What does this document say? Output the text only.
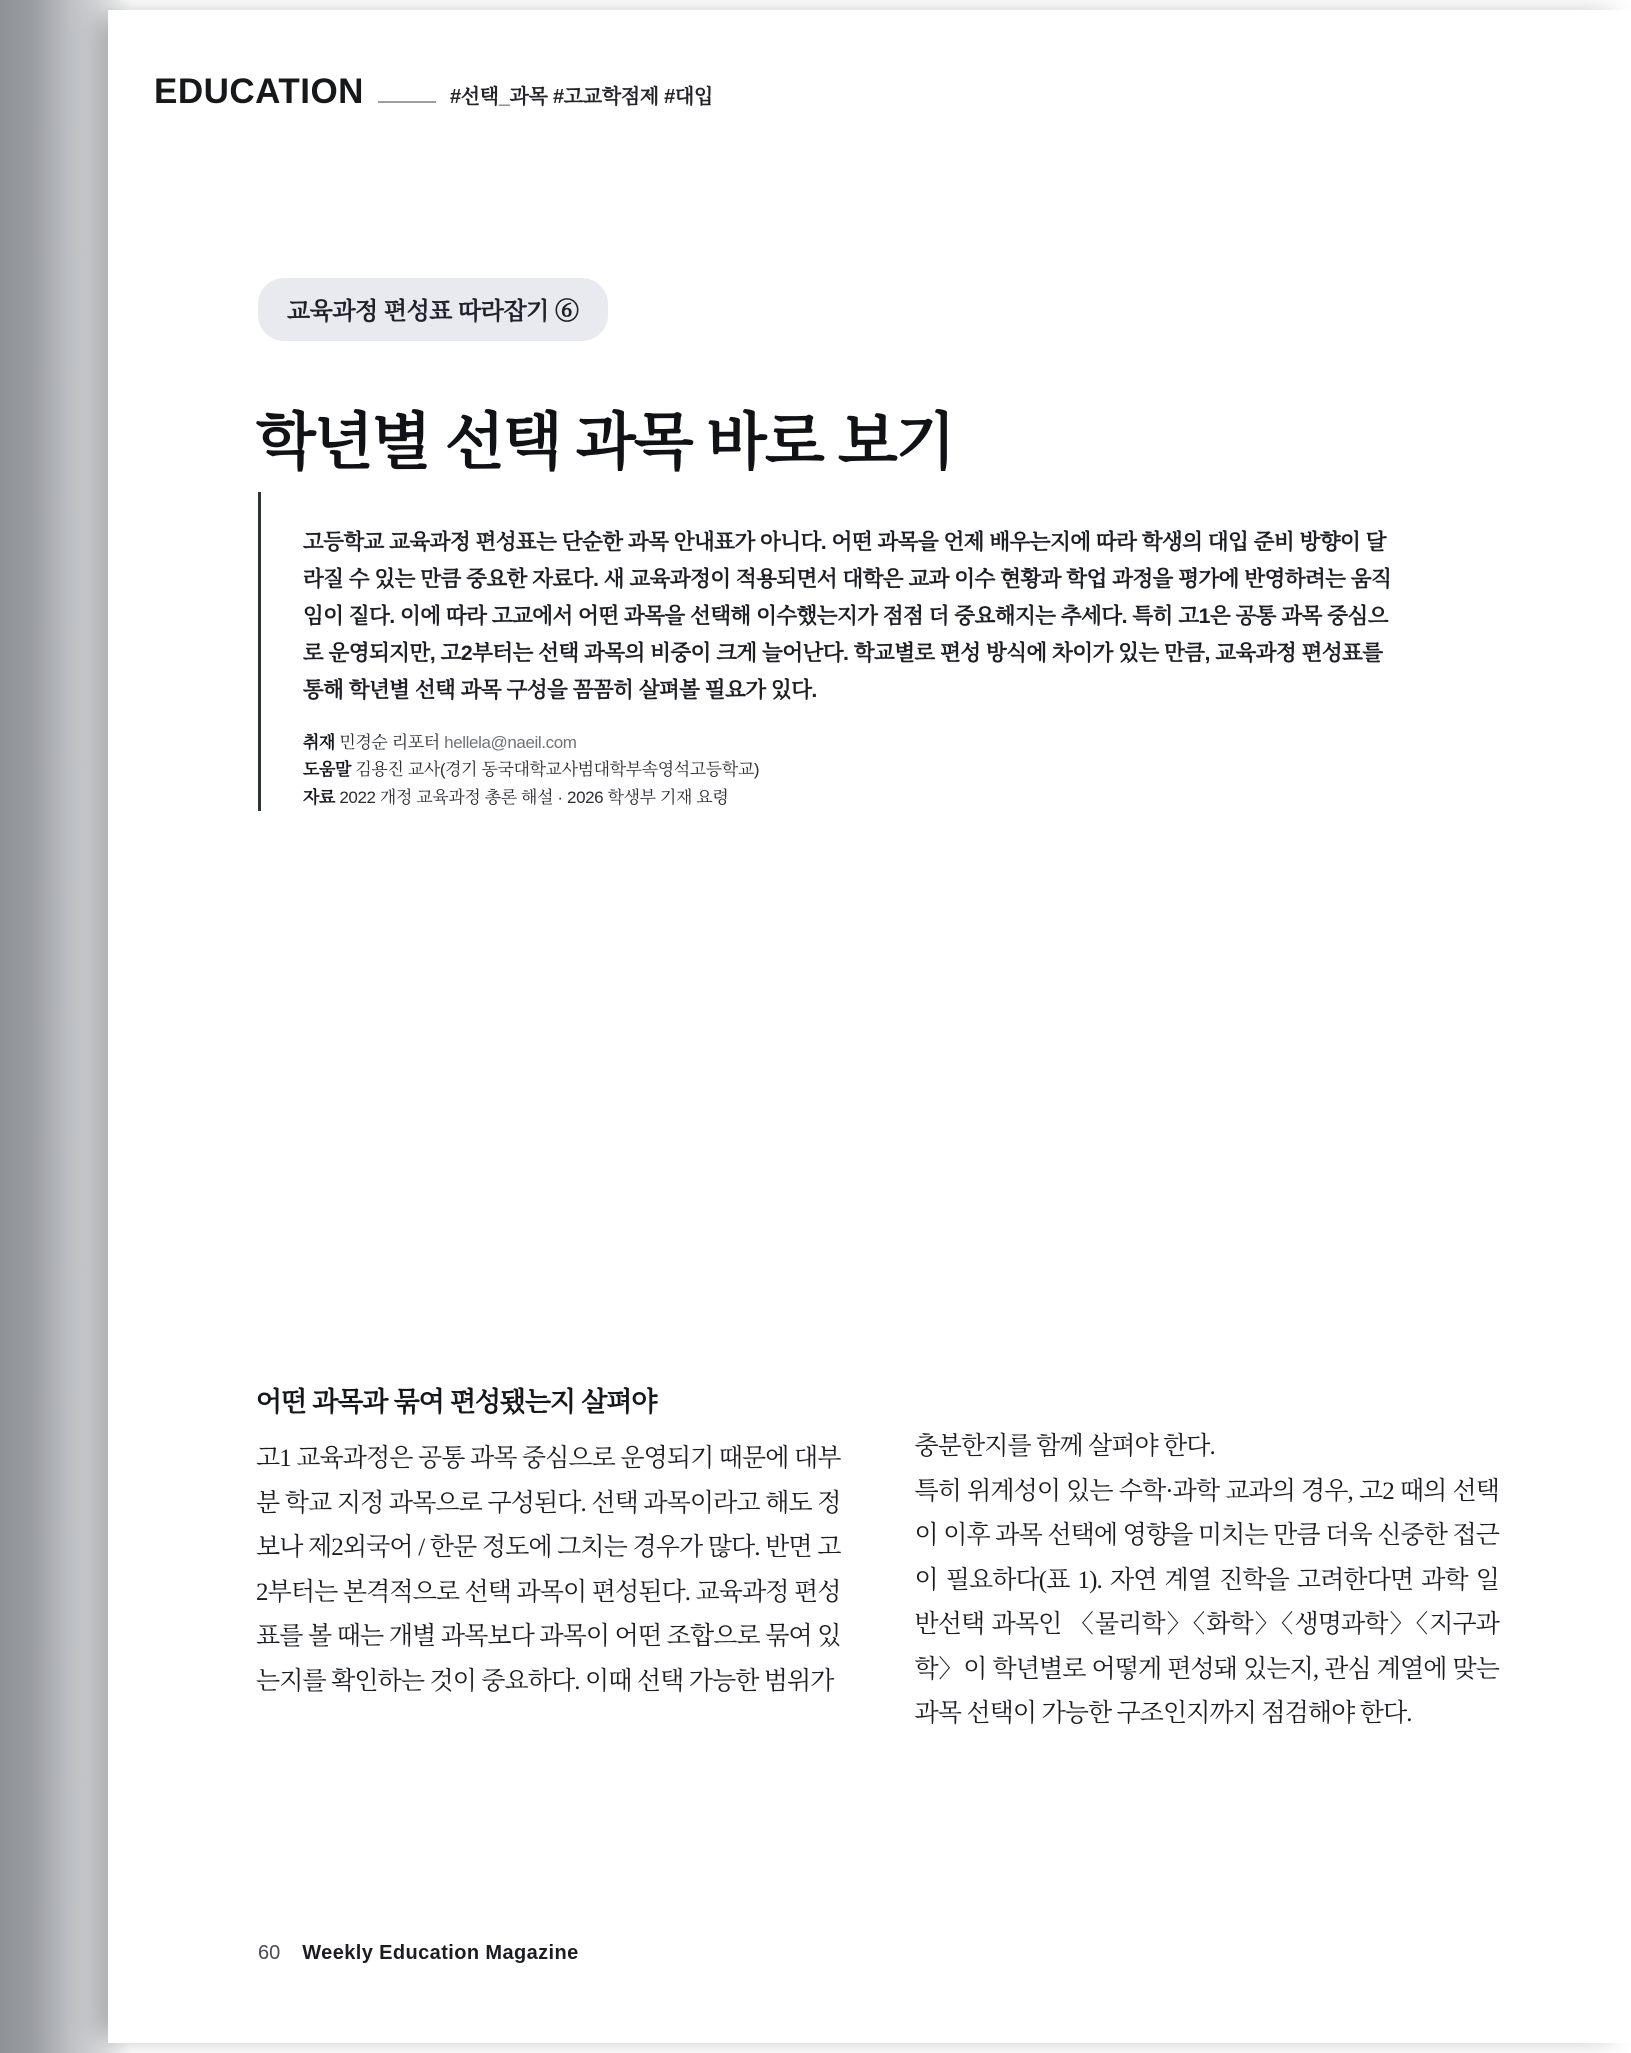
EDUCATION	#선택_과목 #고교학점제 #대입
교육과정 편성표 따라잡기 ⑥
학년별 선택 과목 바로 보기

고등학교 교육과정 편성표는 단순한 과목 안내표가 아니다. 어떤 과목을 언제 배우는지에 따라 학생의 대입 준비 방향이 달라질 수 있는 만큼 중요한 자료다. 새 교육과정이 적용되면서 대학은 교과 이수 현황과 학업 과정을 평가에 반영하려는 움직임이 짙다. 이에 따라 고교에서 어떤 과목을 선택해 이수했는지가 점점 더 중요해지는 추세다. 특히 고1은 공통 과목 중심으로 운영되지만, 고2부터는 선택 과목의 비중이 크게 늘어난다. 학교별로 편성 방식에 차이가 있는 만큼, 교육과정 편성표를 통해 학년별 선택 과목 구성을 꼼꼼히 살펴볼 필요가 있다.

취재 민경순 리포터 hellela@naeil.com
도움말 김용진 교사(경기 동국대학교사범대학부속영석고등학교)
자료 2022 개정 교육과정 총론 해설 · 2026 학생부 기재 요령
어떤 과목과 묶여 편성됐는지 살펴야

고1 교육과정은 공통 과목 중심으로 운영되기 때문에 대부분 학교 지정 과목으로 구성된다. 선택 과목이라고 해도 정보나 제2외국어 / 한문 정도에 그치는 경우가 많다. 반면 고2부터는 본격적으로 선택 과목이 편성된다. 교육과정 편성표를 볼 때는 개별 과목보다 과목이 어떤 조합으로 묶여 있는지를 확인하는 것이 중요하다. 이때 선택 가능한 범위가

충분한지를 함께 살펴야 한다.

특히 위계성이 있는 수학·과학 교과의 경우, 고2 때의 선택이 이후 과목 선택에 영향을 미치는 만큼 더욱 신중한 접근이 필요하다(표 1). 자연 계열 진학을 고려한다면 과학 일반선택 과목인 〈물리학〉〈화학〉〈생명과학〉〈지구과학〉이 학년별로 어떻게 편성돼 있는지, 관심 계열에 맞는 과목 선택이 가능한 구조인지까지 점검해야 한다.

60 Weekly Education Magazine
